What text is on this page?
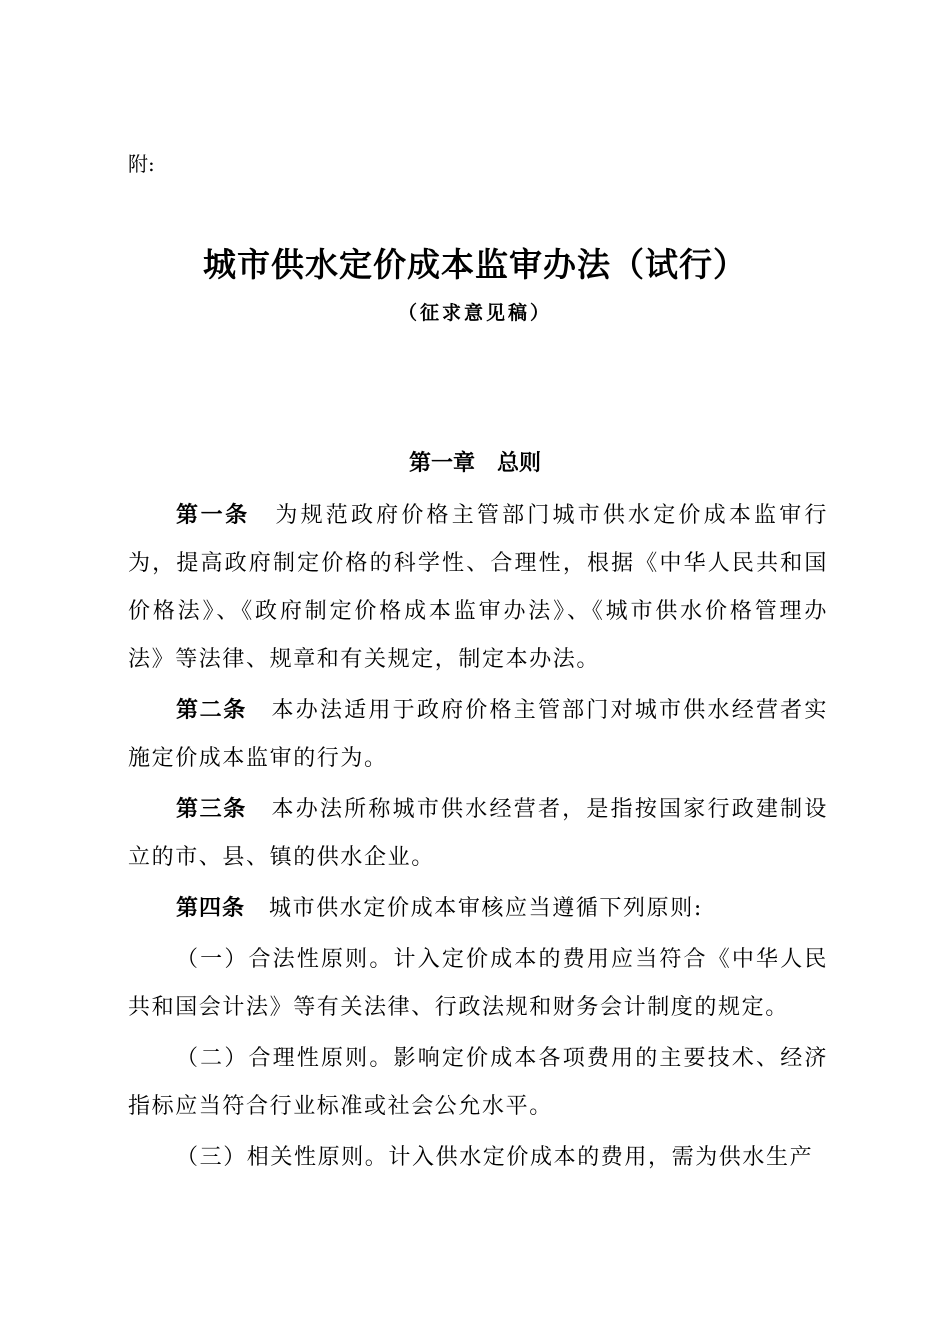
附:
城市供水定价成本监审办法（试行）
（征求意见稿）
第一章 总则

第一条 为规范政府价格主管部门城市供水定价成本监审行为，提高政府制定价格的科学性、合理性，根据《中华人民共和国价格法》、《政府制定价格成本监审办法》、《城市供水价格管理办法》等法律、规章和有关规定，制定本办法。

第二条 本办法适用于政府价格主管部门对城市供水经营者实施定价成本监审的行为。

第三条 本办法所称城市供水经营者，是指按国家行政建制设立的市、县、镇的供水企业。

第四条 城市供水定价成本审核应当遵循下列原则:

（一）合法性原则。计入定价成本的费用应当符合《中华人民共和国会计法》等有关法律、行政法规和财务会计制度的规定。

（二）合理性原则。影响定价成本各项费用的主要技术、经济指标应当符合行业标准或社会公允水平。

（三）相关性原则。计入供水定价成本的费用，需为供水生产
